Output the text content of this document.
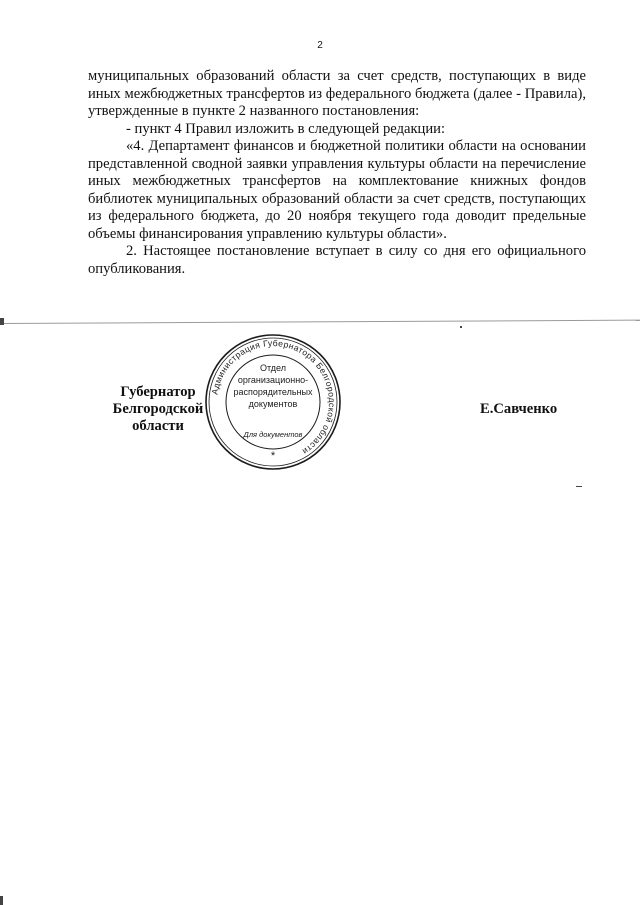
2

муниципальных образований области за счет средств, поступающих в виде иных межбюджетных трансфертов из федерального бюджета (далее - Правила), утвержденные в пункте 2 названного постановления:

- пункт 4 Правил изложить в следующей редакции:

«4. Департамент финансов и бюджетной политики области на основании представленной сводной заявки управления культуры области на перечисление иных межбюджетных трансфертов на комплектование книжных фондов библиотек муниципальных образований области за счет средств, поступающих из федерального бюджета, до 20 ноября текущего года доводит предельные объемы финансирования управлению культуры области».

2. Настоящее постановление вступает в силу со дня его официального опубликования.

Губернатор
Белгородской области
Е.Савченко
Администрация Губернатора Белгородской области
Отдел
организационно-
распорядительных
документов
Для документов
*
